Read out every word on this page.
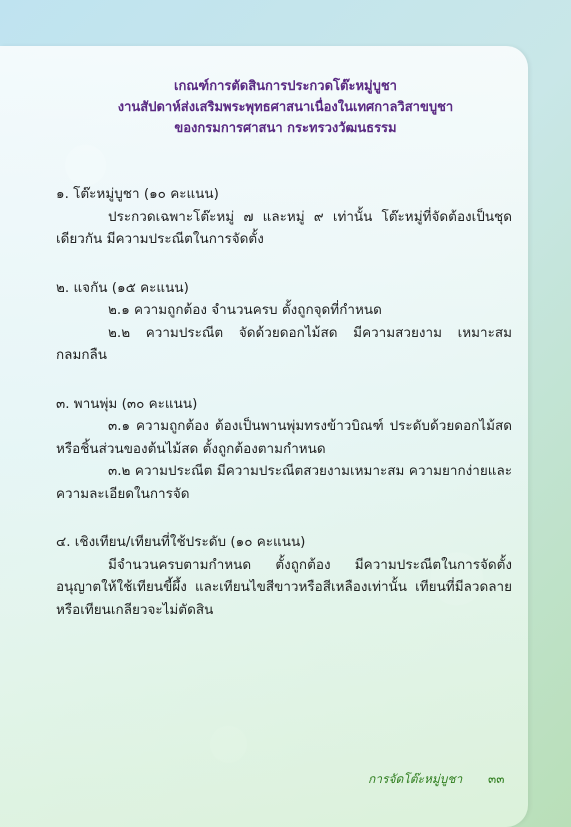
เกณฑ์การตัดสินการประกวดโต๊ะหมู่บูชา
งานสัปดาห์ส่งเสริมพระพุทธศาสนาเนื่องในเทศกาลวิสาขบูชา
ของกรมการศาสนา กระทรวงวัฒนธรรม
๑. โต๊ะหมู่บูชา (๑๐ คะแนน)
ประกวดเฉพาะโต๊ะหมู่ ๗ และหมู่ ๙ เท่านั้น โต๊ะหมู่ที่จัดต้องเป็นชุดเดียวกัน มีความประณีตในการจัดตั้ง
๒. แจกัน (๑๕ คะแนน)
๒.๑ ความถูกต้อง จำนวนครบ ตั้งถูกจุดที่กำหนด
๒.๒ ความประณีต จัดด้วยดอกไม้สด มีความสวยงาม เหมาะสมกลมกลืน
๓. พานพุ่ม (๓๐ คะแนน)
๓.๑ ความถูกต้อง ต้องเป็นพานพุ่มทรงข้าวบิณฑ์ ประดับด้วยดอกไม้สด หรือชิ้นส่วนของต้นไม้สด ตั้งถูกต้องตามกำหนด
๓.๒ ความประณีต มีความประณีตสวยงามเหมาะสม ความยากง่ายและความละเอียดในการจัด
๔. เชิงเทียน/เทียนที่ใช้ประดับ (๑๐ คะแนน)
มีจำนวนครบตามกำหนด ตั้งถูกต้อง มีความประณีตในการจัดตั้ง อนุญาตให้ใช้เทียนขี้ผึ้ง และเทียนไขสีขาวหรือสีเหลืองเท่านั้น เทียนที่มีลวดลายหรือเทียนเกลียวจะไม่ตัดสิน
การจัดโต๊ะหมู่บูชา ๓๓
